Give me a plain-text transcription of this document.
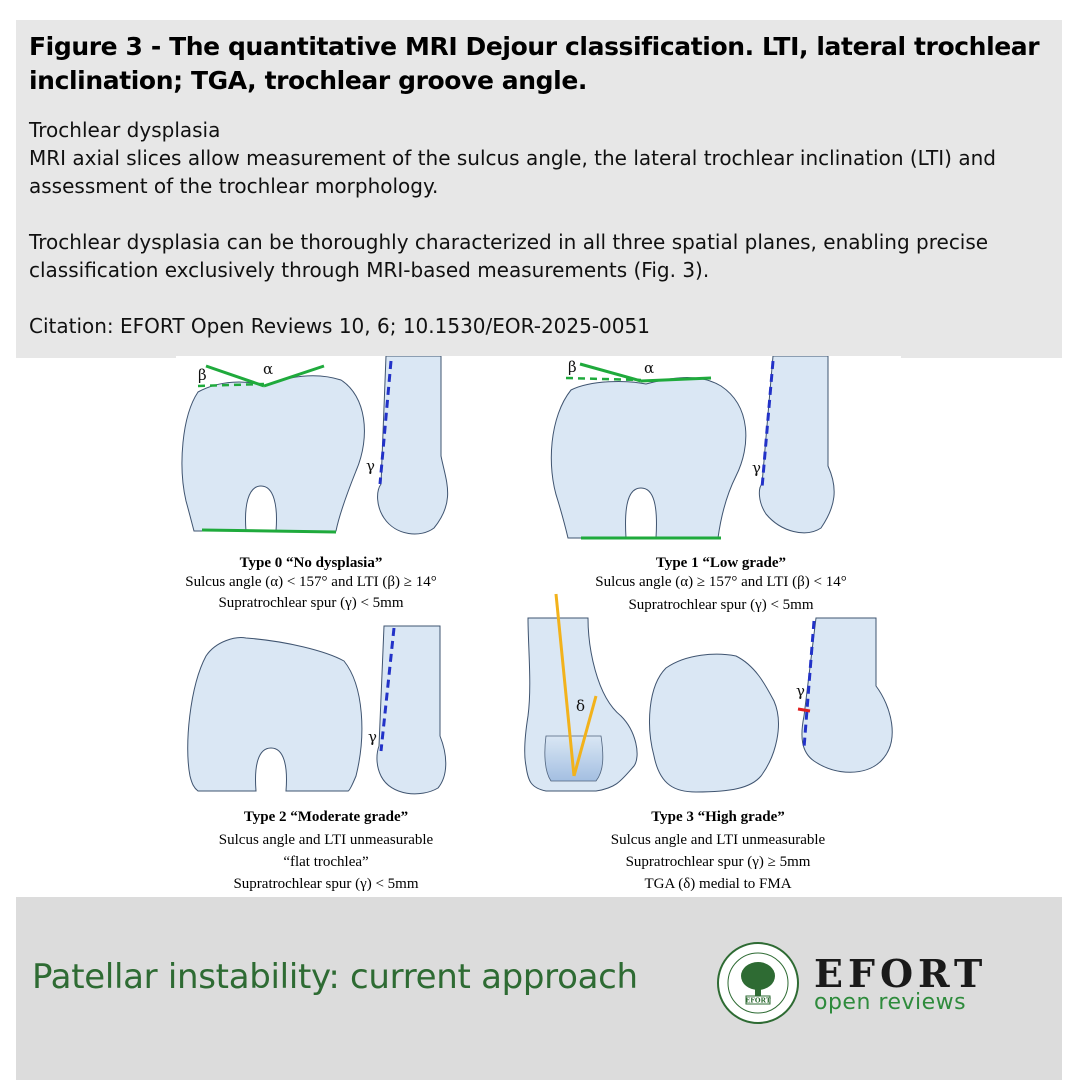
Figure 3 - The quantitative MRI Dejour classification. LTI, lateral trochlear inclination; TGA, trochlear groove angle.

Trochlear dysplasia

MRI axial slices allow measurement of the sulcus angle, the lateral trochlear inclination (LTI) and assessment of the trochlear morphology.

Trochlear dysplasia can be thoroughly characterized in all three spatial planes, enabling precise classification exclusively through MRI-based measurements (Fig. 3).

Citation: EFORT Open Reviews 10, 6; 10.1530/EOR-2025-0051

α
β
γ
α
β
γ
γ
δ
γ
Type 0 “No dysplasia”
Sulcus angle (α) < 157° and LTI (β) ≥ 14°
Supratrochlear spur (γ) < 5mm
Type 1 “Low grade”
Sulcus angle (α) ≥ 157° and LTI (β) < 14°
Supratrochlear spur (γ) < 5mm
Type 2 “Moderate grade”
Sulcus angle and LTI unmeasurable
“flat trochlea”
Supratrochlear spur (γ) < 5mm
Type 3 “High grade”
Sulcus angle and LTI unmeasurable
Supratrochlear spur (γ) ≥ 5mm
TGA (δ) medial to FMA
Patellar instability: current approach
EFORT
EFORT
open reviews
